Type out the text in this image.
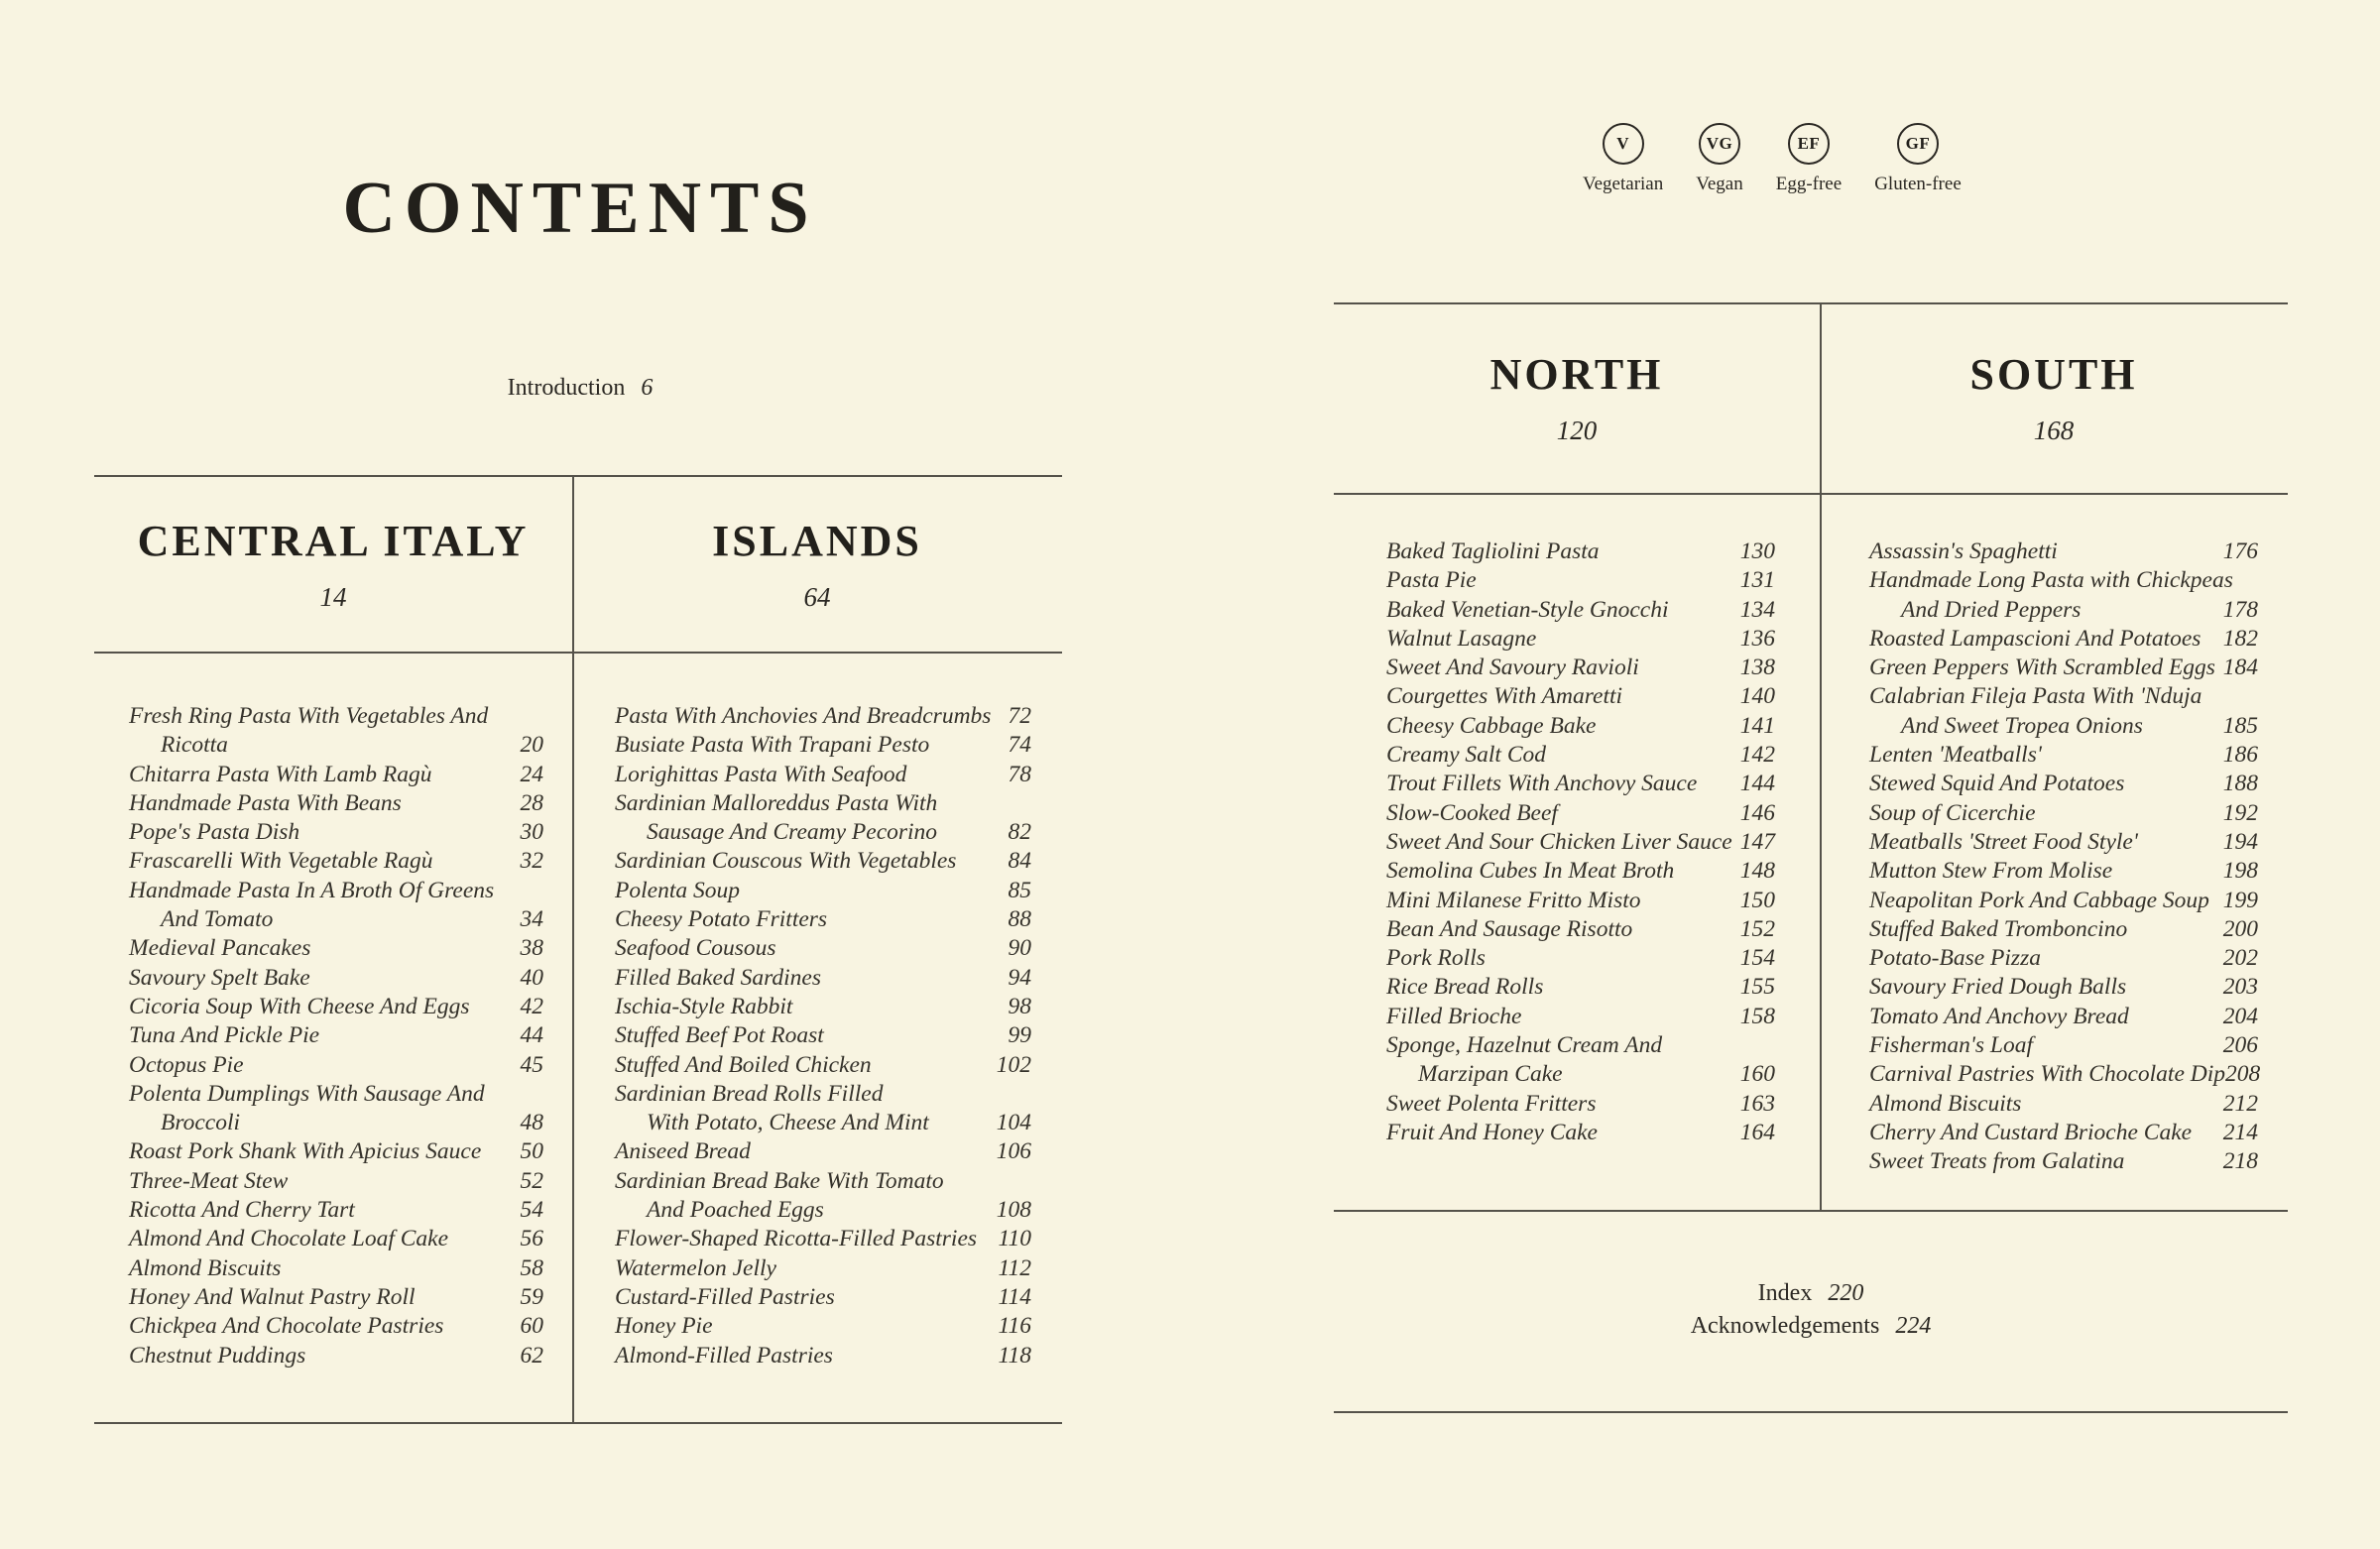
CONTENTS
Introduction 6
CENTRAL ITALY
14
ISLANDS
64
Fresh Ring Pasta With Vegetables And
Ricotta	20
Chitarra Pasta With Lamb Ragù	24
Handmade Pasta With Beans	28
Pope's Pasta Dish	30
Frascarelli With Vegetable Ragù	32
Handmade Pasta In A Broth Of Greens
And Tomato	34
Medieval Pancakes	38
Savoury Spelt Bake	40
Cicoria Soup With Cheese And Eggs 42
Tuna And Pickle Pie	44
Octopus Pie	45
Polenta Dumplings With Sausage And
Broccoli	48
Roast Pork Shank With Apicius Sauce 50
Three-Meat Stew	52
Ricotta And Cherry Tart	54
Almond And Chocolate Loaf Cake	56
Almond Biscuits	58
Honey And Walnut Pastry Roll	59
Chickpea And Chocolate Pastries	60
Chestnut Puddings	62
Pasta With Anchovies And Breadcrumbs 72
Busiate Pasta With Trapani Pesto	74
Lorighittas Pasta With Seafood	78
Sardinian Malloreddus Pasta With
Sausage And Creamy Pecorino	82
Sardinian Couscous With Vegetables 84
Polenta Soup	85
Cheesy Potato Fritters	88
Seafood Cousous	90
Filled Baked Sardines	94
Ischia-Style Rabbit	98
Stuffed Beef Pot Roast	99
Stuffed And Boiled Chicken	102
Sardinian Bread Rolls Filled
With Potato, Cheese And Mint	104
Aniseed Bread	106
Sardinian Bread Bake With Tomato
And Poached Eggs	108
Flower-Shaped Ricotta-Filled Pastries 110
Watermelon Jelly	112
Custard-Filled Pastries	114
Honey Pie	116
Almond-Filled Pastries	118
V
Vegetarian
VG
Vegan
EF
Egg-free
GF
Gluten-free
NORTH
120
SOUTH
168
Baked Tagliolini Pasta	130
Pasta Pie	131
Baked Venetian-Style Gnocchi	134
Walnut Lasagne	136
Sweet And Savoury Ravioli	138
Courgettes With Amaretti	140
Cheesy Cabbage Bake	141
Creamy Salt Cod	142
Trout Fillets With Anchovy Sauce 144
Slow-Cooked Beef	146
Sweet And Sour Chicken Liver Sauce 147
Semolina Cubes In Meat Broth	148
Mini Milanese Fritto Misto	150
Bean And Sausage Risotto	152
Pork Rolls	154
Rice Bread Rolls	155
Filled Brioche	158
Sponge, Hazelnut Cream And
Marzipan Cake	160
Sweet Polenta Fritters	163
Fruit And Honey Cake	164
Assassin's Spaghetti	176
Handmade Long Pasta with Chickpeas
And Dried Peppers	178
Roasted Lampascioni And Potatoes 182
Green Peppers With Scrambled Eggs 184
Calabrian Fileja Pasta With 'Nduja
And Sweet Tropea Onions	185
Lenten 'Meatballs'	186
Stewed Squid And Potatoes	188
Soup of Cicerchie	192
Meatballs 'Street Food Style'	194
Mutton Stew From Molise	198
Neapolitan Pork And Cabbage Soup 199
Stuffed Baked Tromboncino	200
Potato-Base Pizza	202
Savoury Fried Dough Balls	203
Tomato And Anchovy Bread	204
Fisherman's Loaf	206
Carnival Pastries With Chocolate Dip 208
Almond Biscuits	212
Cherry And Custard Brioche Cake 214
Sweet Treats from Galatina	218
Index 220
Acknowledgements 224
